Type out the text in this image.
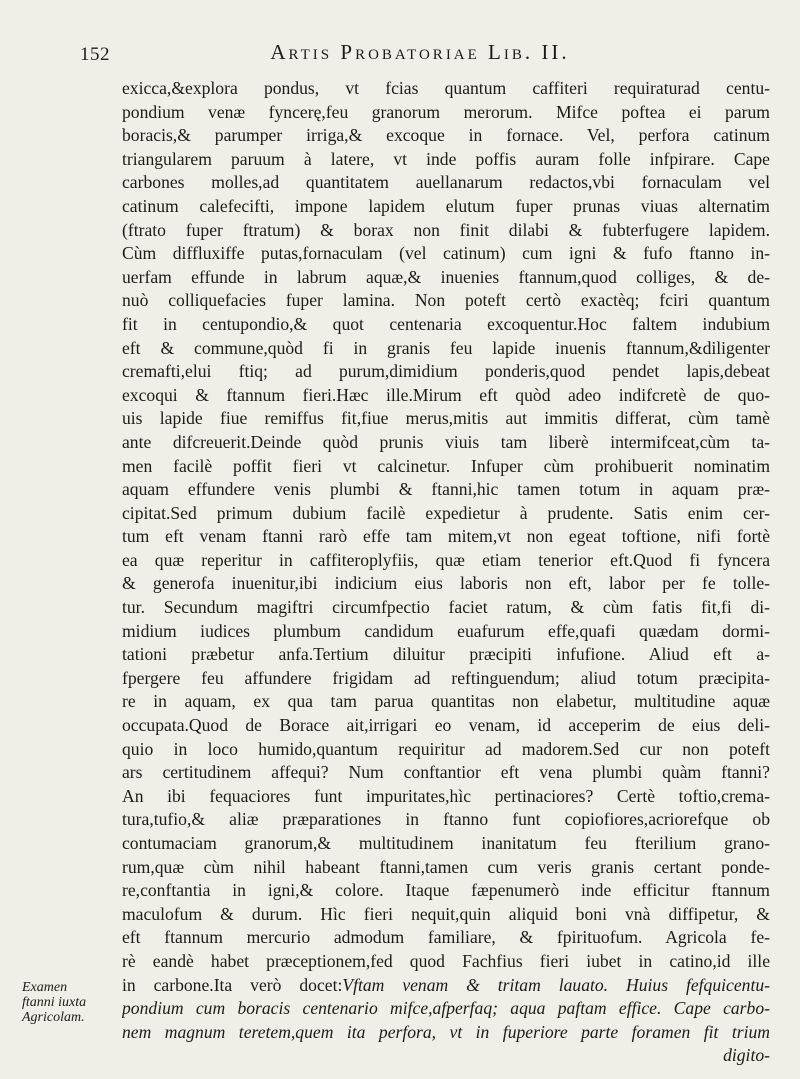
152	Artis Probatoriae Lib. II.
exicca,&explora pondus, vt fcias quantum caffiteri requiraturad centu-
pondium venæ fyncerę,feu granorum merorum. Mifce poftea ei parum
boracis,& parumper irriga,& excoque in fornace. Vel, perfora catinum
triangularem paruum à latere, vt inde poffis auram folle infpirare. Cape
carbones molles,ad quantitatem auellanarum redactos,vbi fornaculam vel
catinum calefecifti, impone lapidem elutum fuper prunas viuas alternatim
(ftrato fuper ftratum) & borax non finit dilabi & fubterfugere lapidem.
Cùm diffluxiffe putas,fornaculam (vel catinum) cum igni & fufo ftanno in-
uerfam effunde in labrum aquæ,& inuenies ftannum,quod colliges, & de-
nuò colliquefacies fuper lamina. Non poteft certò exactèq; fciri quantum
fit in centupondio,& quot centenaria excoquentur.Hoc faltem indubium
eft & commune,quòd fi in granis feu lapide inuenis ftannum,&diligenter
cremafti,elui ftiq; ad purum,dimidium ponderis,quod pendet lapis,debeat
excoqui & ftannum fieri.Hæc ille.Mirum eft quòd adeo indifcretè de quo-
uis lapide fiue remiffus fit,fiue merus,mitis aut immitis differat, cùm tamè
ante difcreuerit.Deinde quòd prunis viuis tam liberè intermifceat,cùm ta-
men facilè poffit fieri vt calcinetur. Infuper cùm prohibuerit nominatim
aquam effundere venis plumbi & ftanni,hic tamen totum in aquam præ-
cipitat.Sed primum dubium facilè expedietur à prudente. Satis enim cer-
tum eft venam ftanni rarò effe tam mitem,vt non egeat toftione, nifi fortè
ea quæ reperitur in caffiteroplyfiis, quæ etiam tenerior eft.Quod fi fyncera
& generofa inuenitur,ibi indicium eius laboris non eft, labor per fe tolle-
tur. Secundum magiftri circumfpectio faciet ratum, & cùm fatis fit,fi di-
midium iudices plumbum candidum euafurum effe,quafi quædam dormi-
tationi præbetur anfa.Tertium diluitur præcipiti infufione. Aliud eft a-
fpergere feu affundere frigidam ad reftinguendum; aliud totum præcipita-
re in aquam, ex qua tam parua quantitas non elabetur, multitudine aquæ
occupata.Quod de Borace ait,irrigari eo venam, id acceperim de eius deli-
quio in loco humido,quantum requiritur ad madorem.Sed cur non poteft
ars certitudinem affequi? Num conftantior eft vena plumbi quàm ftanni?
An ibi fequaciores funt impuritates,hìc pertinaciores? Certè toftio,crema-
tura,tufio,& aliæ præparationes in ftanno funt copiofiores,acriorefque ob
contumaciam granorum,& multitudinem inanitatum feu fterilium grano-
rum,quæ cùm nihil habeant ftanni,tamen cum veris granis certant ponde-
re,conftantia in igni,& colore. Itaque fæpenumerò inde efficitur ftannum
maculofum & durum. Hìc fieri nequit,quin aliquid boni vnà diffipetur, &
eft ftannum mercurio admodum familiare, & fpirituofum. Agricola fe-
rè eandè habet præceptionem,fed quod Fachfius fieri iubet in catino,id ille
in carbone.Ita verò docet:Vftam venam & tritam lauato. Huius fefquicentu-
pondium cum boracis centenario mifce,afperfaq; aqua paftam effice. Cape carbo-
nem magnum teretem,quem ita perfora, vt in fuperiore parte foramen fit trium
digito-
Examen
ftanni iuxta
Agricolam.
